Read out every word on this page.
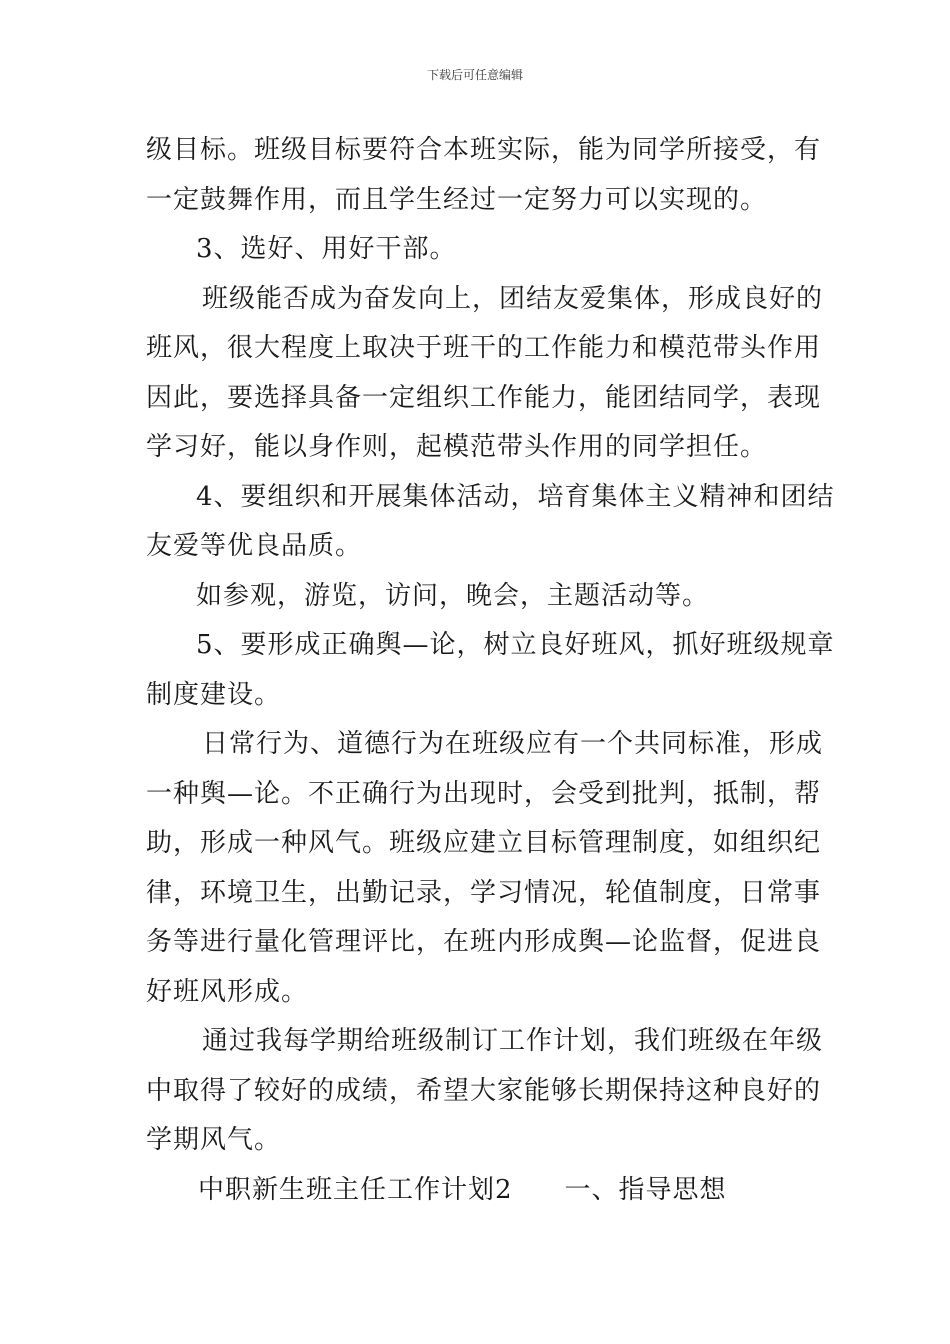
下载后可任意编辑
级目标。班级目标要符合本班实际，能为同学所接受，有
一定鼓舞作用，而且学生经过一定努力可以实现的。
3、选好、用好干部。
班级能否成为奋发向上，团结友爱集体，形成良好的
班风，很大程度上取决于班干的工作能力和模范带头作用
因此，要选择具备一定组织工作能力，能团结同学，表现
学习好，能以身作则，起模范带头作用的同学担任。
4、要组织和开展集体活动，培育集体主义精神和团结
友爱等优良品质。
如参观，游览，访问，晚会，主题活动等。
5、要形成正确舆—论，树立良好班风，抓好班级规章
制度建设。
日常行为、道德行为在班级应有一个共同标准，形成
一种舆—论。不正确行为出现时，会受到批判，抵制，帮
助，形成一种风气。班级应建立目标管理制度，如组织纪
律，环境卫生，出勤记录，学习情况，轮值制度，日常事
务等进行量化管理评比，在班内形成舆—论监督，促进良
好班风形成。
通过我每学期给班级制订工作计划，我们班级在年级
中取得了较好的成绩，希望大家能够长期保持这种良好的
学期风气。
中职新生班主任工作计划2 一、指导思想
